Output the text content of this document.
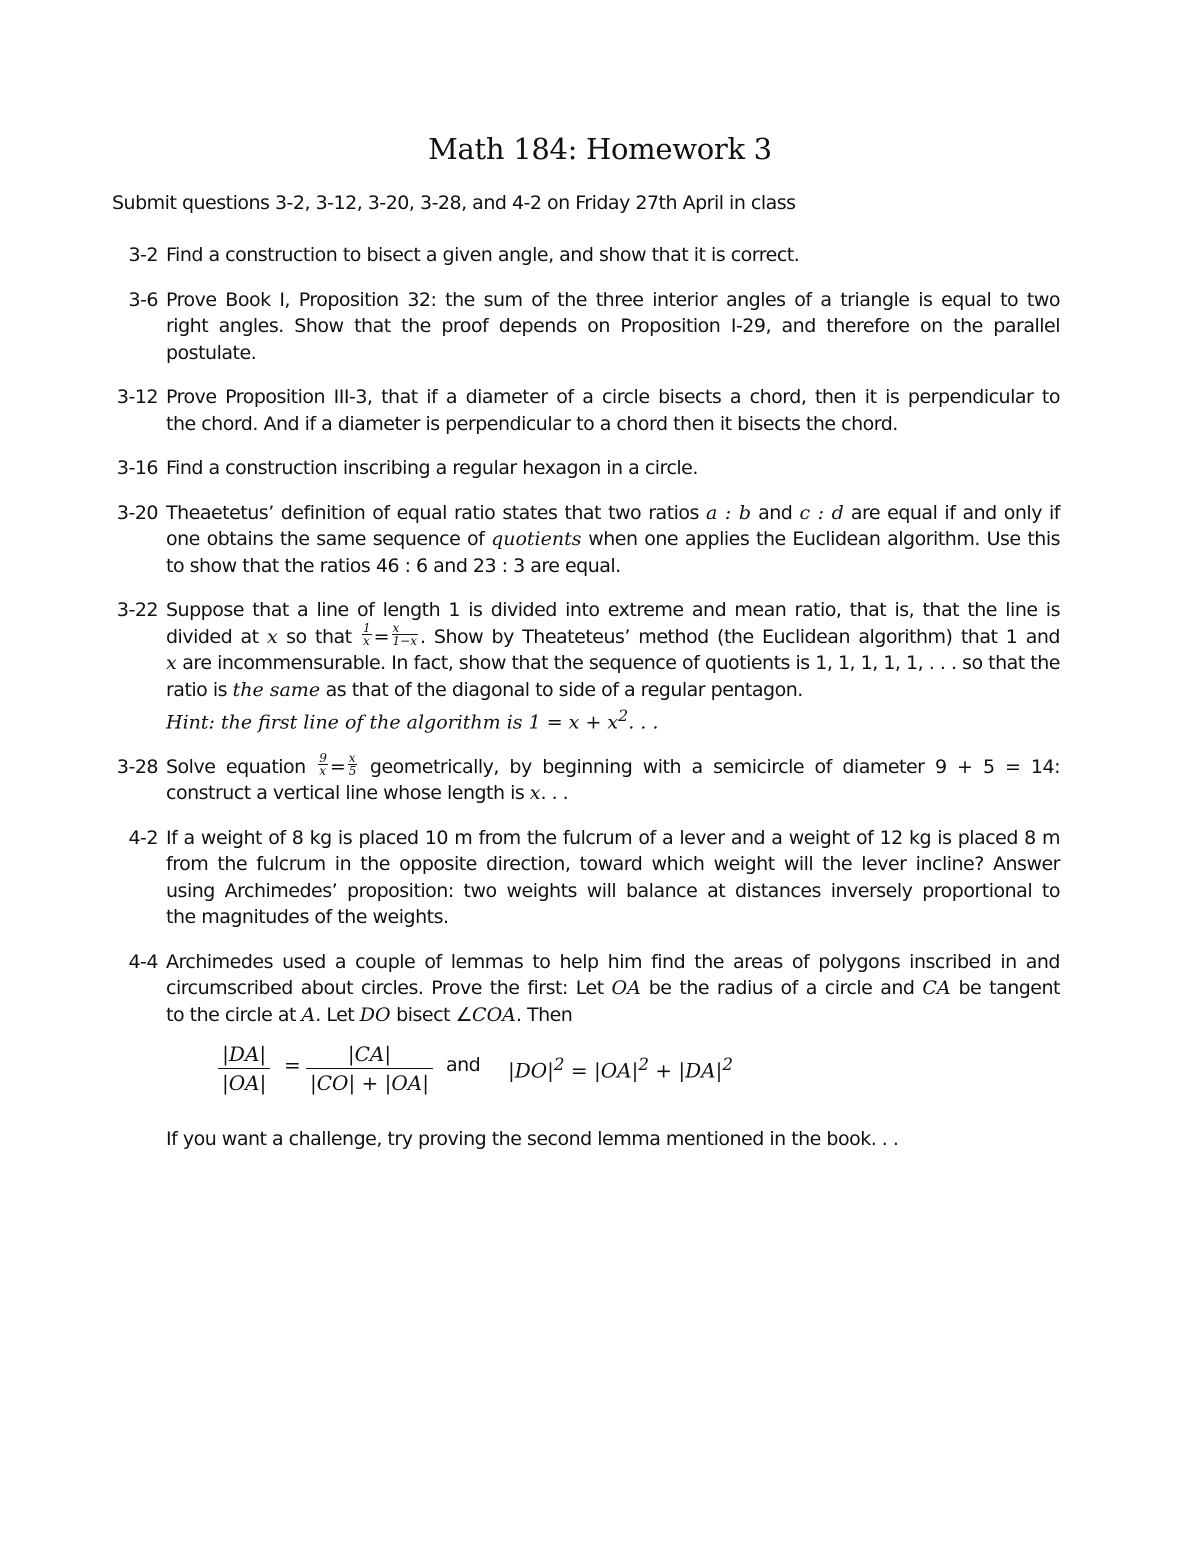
Math 184: Homework 3
Submit questions 3-2, 3-12, 3-20, 3-28, and 4-2 on Friday 27th April in class
3-2 Find a construction to bisect a given angle, and show that it is correct.
3-6 Prove Book I, Proposition 32: the sum of the three interior angles of a triangle is equal to two
right angles. Show that the proof depends on Proposition I-29, and therefore on the parallel
postulate.
3-12 Prove Proposition III-3, that if a diameter of a circle bisects a chord, then it is perpendicular to
the chord. And if a diameter is perpendicular to a chord then it bisects the chord.
3-16 Find a construction inscribing a regular hexagon in a circle.
3-20 Theaetetus’ definition of equal ratio states that two ratios a : b and c : d are equal if and only if
one obtains the same sequence of quotients when one applies the Euclidean algorithm. Use this
to show that the ratios 46 : 6 and 23 : 3 are equal.
3-22 Suppose that a line of length 1 is divided into extreme and mean ratio, that is, that the line is
divided at x so that $\frac{1}{x} = \frac{x}{1-x}$ . Show by Theateteus’ method (the Euclidean algorithm) that 1 and
x are incommensurable. In fact, show that the sequence of quotients is 1, 1, 1, 1, 1, . . . so that the
ratio is the same as that of the diagonal to side of a regular pentagon.
Hint: the first line of the algorithm is $1 = x + x^2$. . .
3-28 Solve equation $\frac{9}{x} = \frac{x}{5}$ geometrically, by beginning with a semicircle of diameter 9 + 5 = 14:
construct a vertical line whose length is x. . .
4-2 If a weight of 8 kg is placed 10 m from the fulcrum of a lever and a weight of 12 kg is placed 8 m
from the fulcrum in the opposite direction, toward which weight will the lever incline? Answer
using Archimedes’ proposition: two weights will balance at distances inversely proportional to
the magnitudes of the weights.
4-4 Archimedes used a couple of lemmas to help him find the areas of polygons inscribed in and
circumscribed about circles. Prove the first: Let OA be the radius of a circle and CA be tangent
to the circle at A. Let DO bisect ∠COA. Then
$\frac{|DA|}{|OA|} = \frac{|CA|}{|CO| + |OA|}$ and $|DO|^2 = |OA|^2 + |DA|^2$
If you want a challenge, try proving the second lemma mentioned in the book. . .
